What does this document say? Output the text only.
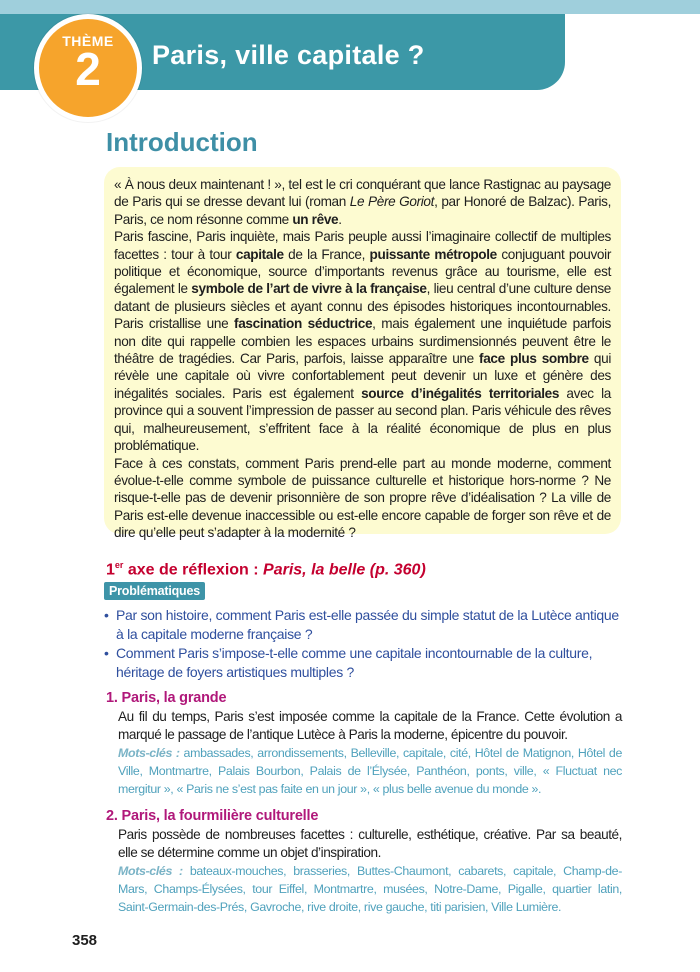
THÈME
2	Paris, ville capitale ?
Introduction

« À nous deux maintenant ! », tel est le cri conquérant que lance Rastignac au paysage de Paris qui se dresse devant lui (roman Le Père Goriot, par Honoré de Balzac). Paris, Paris, ce nom résonne comme un rêve.

Paris fascine, Paris inquiète, mais Paris peuple aussi l’imaginaire collectif de multiples facettes : tour à tour capitale de la France, puissante métropole conjuguant pouvoir politique et économique, source d’importants revenus grâce au tourisme, elle est également le symbole de l’art de vivre à la française, lieu central d’une culture dense datant de plusieurs siècles et ayant connu des épisodes historiques incontournables. Paris cristallise une fascination séductrice, mais également une inquiétude parfois non dite qui rappelle combien les espaces urbains surdimensionnés peuvent être le théâtre de tragédies. Car Paris, parfois, laisse apparaître une face plus sombre qui révèle une capitale où vivre confortablement peut devenir un luxe et génère des inégalités sociales. Paris est également source d’inégalités territoriales avec la province qui a souvent l’impression de passer au second plan. Paris véhicule des rêves qui, malheureusement, s’effritent face à la réalité économique de plus en plus problématique.

Face à ces constats, comment Paris prend-elle part au monde moderne, comment évolue-t-elle comme symbole de puissance culturelle et historique hors-norme ? Ne risque-t-elle pas de devenir prisonnière de son propre rêve d’idéalisation ? La ville de Paris est-elle devenue inaccessible ou est-elle encore capable de forger son rêve et de dire qu’elle peut s’adapter à la modernité ?

1er axe de réflexion : Paris, la belle (p. 360)
Problématiques
• Par son histoire, comment Paris est-elle passée du simple statut de la Lutèce antique à la capitale moderne française ?
• Comment Paris s’impose-t-elle comme une capitale incontournable de la culture, héritage de foyers artistiques multiples ?
1. Paris, la grande
Au fil du temps, Paris s’est imposée comme la capitale de la France. Cette évolution a marqué le passage de l’antique Lutèce à Paris la moderne, épicentre du pouvoir.
Mots-clés : ambassades, arrondissements, Belleville, capitale, cité, Hôtel de Matignon, Hôtel de Ville, Montmartre, Palais Bourbon, Palais de l’Élysée, Panthéon, ponts, ville, « Fluctuat nec mergitur », « Paris ne s’est pas faite en un jour », « plus belle avenue du monde ».
2. Paris, la fourmilière culturelle
Paris possède de nombreuses facettes : culturelle, esthétique, créative. Par sa beauté, elle se détermine comme un objet d’inspiration.
Mots-clés : bateaux-mouches, brasseries, Buttes-Chaumont, cabarets, capitale, Champ-de-Mars, Champs-Élysées, tour Eiffel, Montmartre, musées, Notre-Dame, Pigalle, quartier latin, Saint-Germain-des-Prés, Gavroche, rive droite, rive gauche, titi parisien, Ville Lumière.
358
